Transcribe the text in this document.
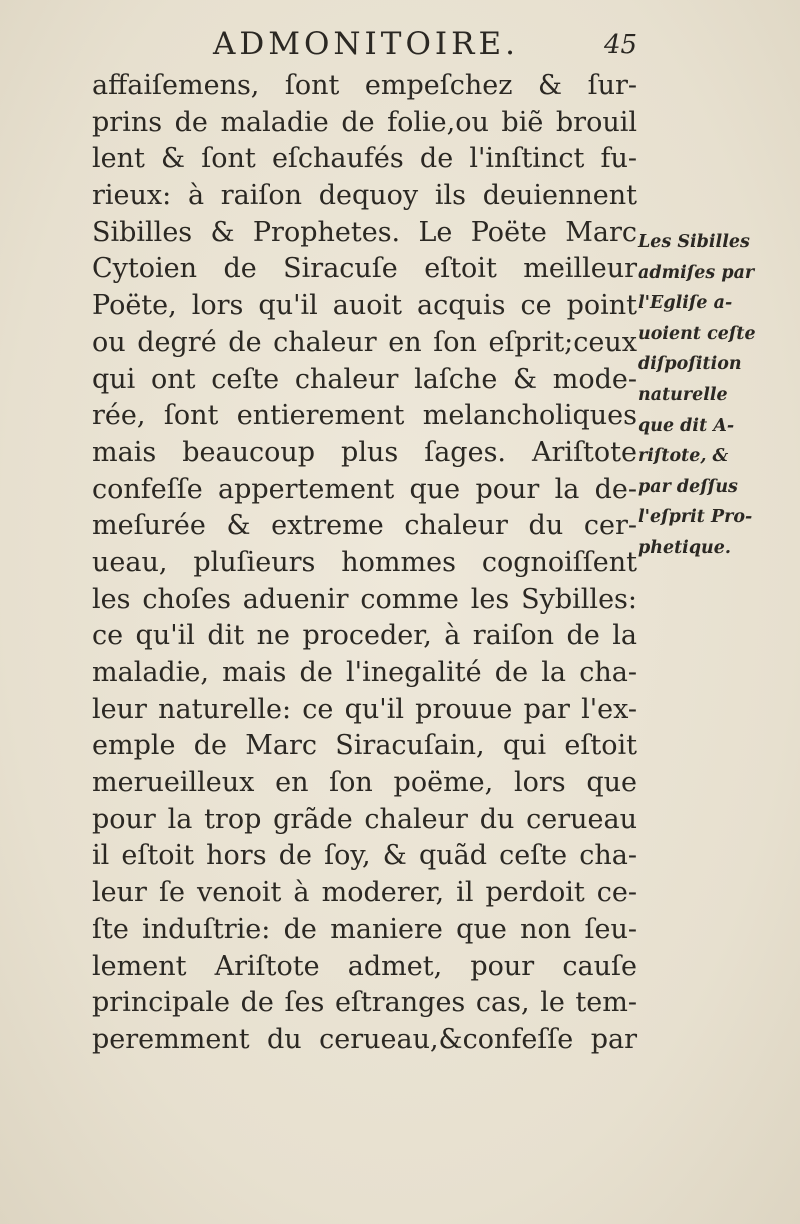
ADMONITOIRE.	45
affaiſemens, ſont empeſchez & ſur-
prins de maladie de folie,ou biẽ brouil
lent & ſont eſchaufés de l'inſtinct fu-
rieux: à raiſon dequoy ils deuiennent
Sibilles & Prophetes. Le Poëte Marc
Cytoien de Siracuſe eſtoit meilleur
Poëte, lors qu'il auoit acquis ce point
ou degré de chaleur en ſon eſprit;ceux
qui ont ceſte chaleur laſche & mode-
rée, ſont entierement melancholiques
mais beaucoup plus ſages. Ariſtote
confeſſe appertement que pour la de-
meſurée & extreme chaleur du cer-
ueau, pluſieurs hommes cognoiſſent
les choſes aduenir comme les Sybilles:
ce qu'il dit ne proceder, à raiſon de la
maladie, mais de l'inegalité de la cha-
leur naturelle: ce qu'il prouue par l'ex-
emple de Marc Siracuſain, qui eſtoit
merueilleux en ſon poëme, lors que
pour la trop grãde chaleur du cerueau
il eſtoit hors de ſoy, & quãd ceſte cha-
leur ſe venoit à moderer, il perdoit ce-
ſte induſtrie: de maniere que non ſeu-
lement Ariſtote admet, pour cauſe
principale de ſes eſtranges cas, le tem-
peremment du cerueau,&confeſſe par
Les Sibilles
admiſes par
l'Egliſe a-
uoient ceſte
diſpoſition
naturelle
que dit A-
riſtote, &
par deſſus
l'eſprit Pro-
phetique.
